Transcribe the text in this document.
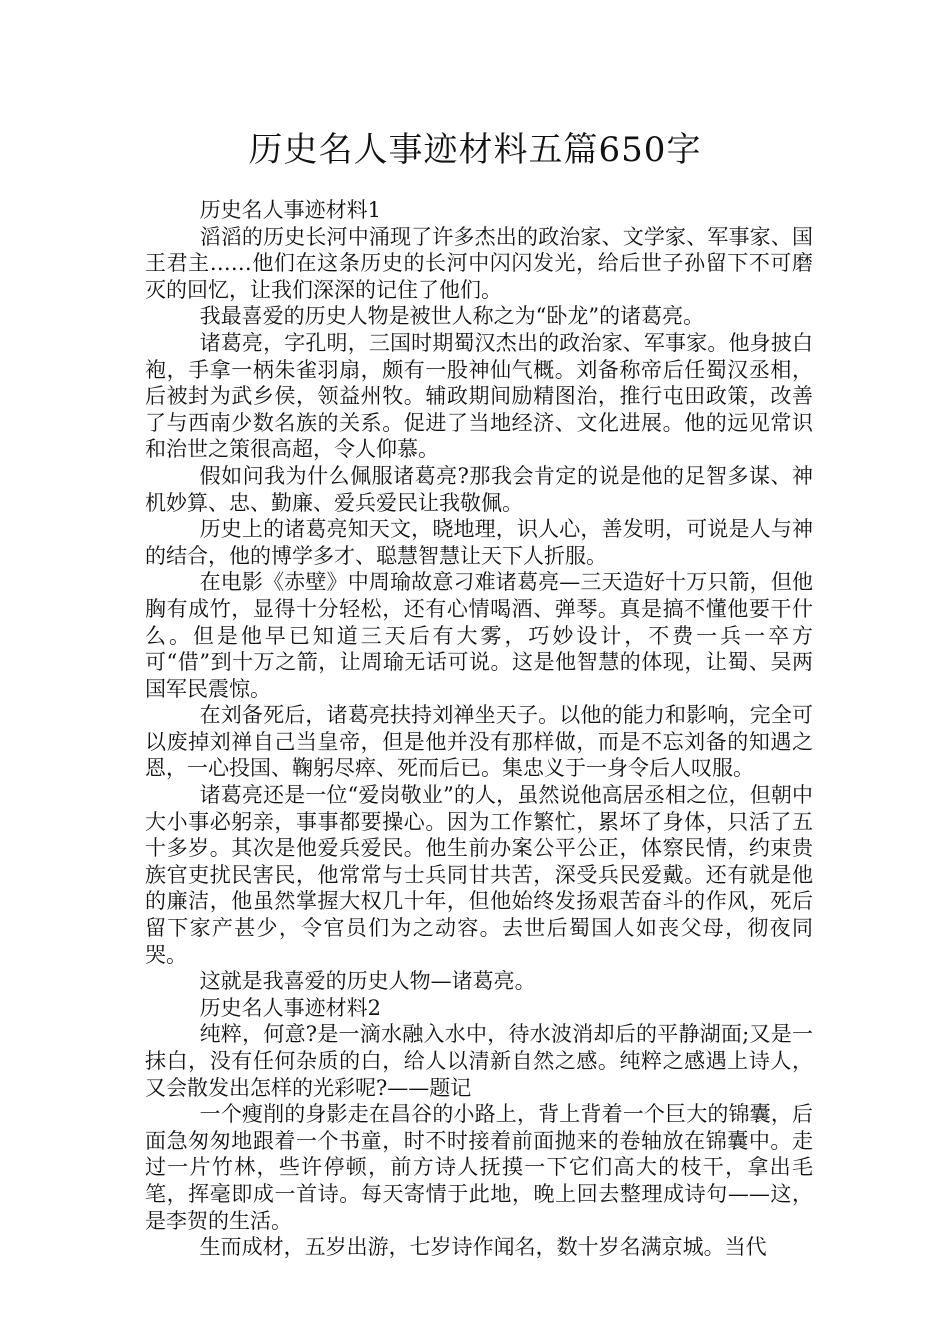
历史名人事迹材料五篇650字

历史名人事迹材料1

滔滔的历史长河中涌现了许多杰出的政治家、文学家、军事家、国王君主……他们在这条历史的长河中闪闪发光，给后世子孙留下不可磨灭的回忆，让我们深深的记住了他们。

我最喜爱的历史人物是被世人称之为“卧龙”的诸葛亮。

诸葛亮，字孔明，三国时期蜀汉杰出的政治家、军事家。他身披白袍，手拿一柄朱雀羽扇，颇有一股神仙气概。刘备称帝后任蜀汉丞相，后被封为武乡侯，领益州牧。辅政期间励精图治，推行屯田政策，改善了与西南少数名族的关系。促进了当地经济、文化进展。他的远见常识和治世之策很高超，令人仰慕。

假如问我为什么佩服诸葛亮?那我会肯定的说是他的足智多谋、神机妙算、忠、勤廉、爱兵爱民让我敬佩。

历史上的诸葛亮知天文，晓地理，识人心，善发明，可说是人与神的结合，他的博学多才、聪慧智慧让天下人折服。

在电影《赤壁》中周瑜故意刁难诸葛亮—三天造好十万只箭，但他胸有成竹，显得十分轻松，还有心情喝酒、弹琴。真是搞不懂他要干什么。但是他早已知道三天后有大雾，巧妙设计，不费一兵一卒方可“借”到十万之箭，让周瑜无话可说。这是他智慧的体现，让蜀、吴两国军民震惊。

在刘备死后，诸葛亮扶持刘禅坐天子。以他的能力和影响，完全可以废掉刘禅自己当皇帝，但是他并没有那样做，而是不忘刘备的知遇之恩，一心投国、鞠躬尽瘁、死而后已。集忠义于一身令后人叹服。

诸葛亮还是一位“爱岗敬业”的人，虽然说他高居丞相之位，但朝中大小事必躬亲，事事都要操心。因为工作繁忙，累坏了身体，只活了五十多岁。其次是他爱兵爱民。他生前办案公平公正，体察民情，约束贵族官吏扰民害民，他常常与士兵同甘共苦，深受兵民爱戴。还有就是他的廉洁，他虽然掌握大权几十年，但他始终发扬艰苦奋斗的作风，死后留下家产甚少，令官员们为之动容。去世后蜀国人如丧父母，彻夜同哭。

这就是我喜爱的历史人物—诸葛亮。

历史名人事迹材料2

纯粹，何意?是一滴水融入水中，待水波消却后的平静湖面;又是一抹白，没有任何杂质的白，给人以清新自然之感。纯粹之感遇上诗人，又会散发出怎样的光彩呢?——题记

一个瘦削的身影走在昌谷的小路上，背上背着一个巨大的锦囊，后面急匆匆地跟着一个书童，时不时接着前面抛来的卷轴放在锦囊中。走过一片竹林，些许停顿，前方诗人抚摸一下它们高大的枝干，拿出毛笔，挥毫即成一首诗。每天寄情于此地，晚上回去整理成诗句——这，是李贺的生活。

生而成材，五岁出游，七岁诗作闻名，数十岁名满京城。当代
